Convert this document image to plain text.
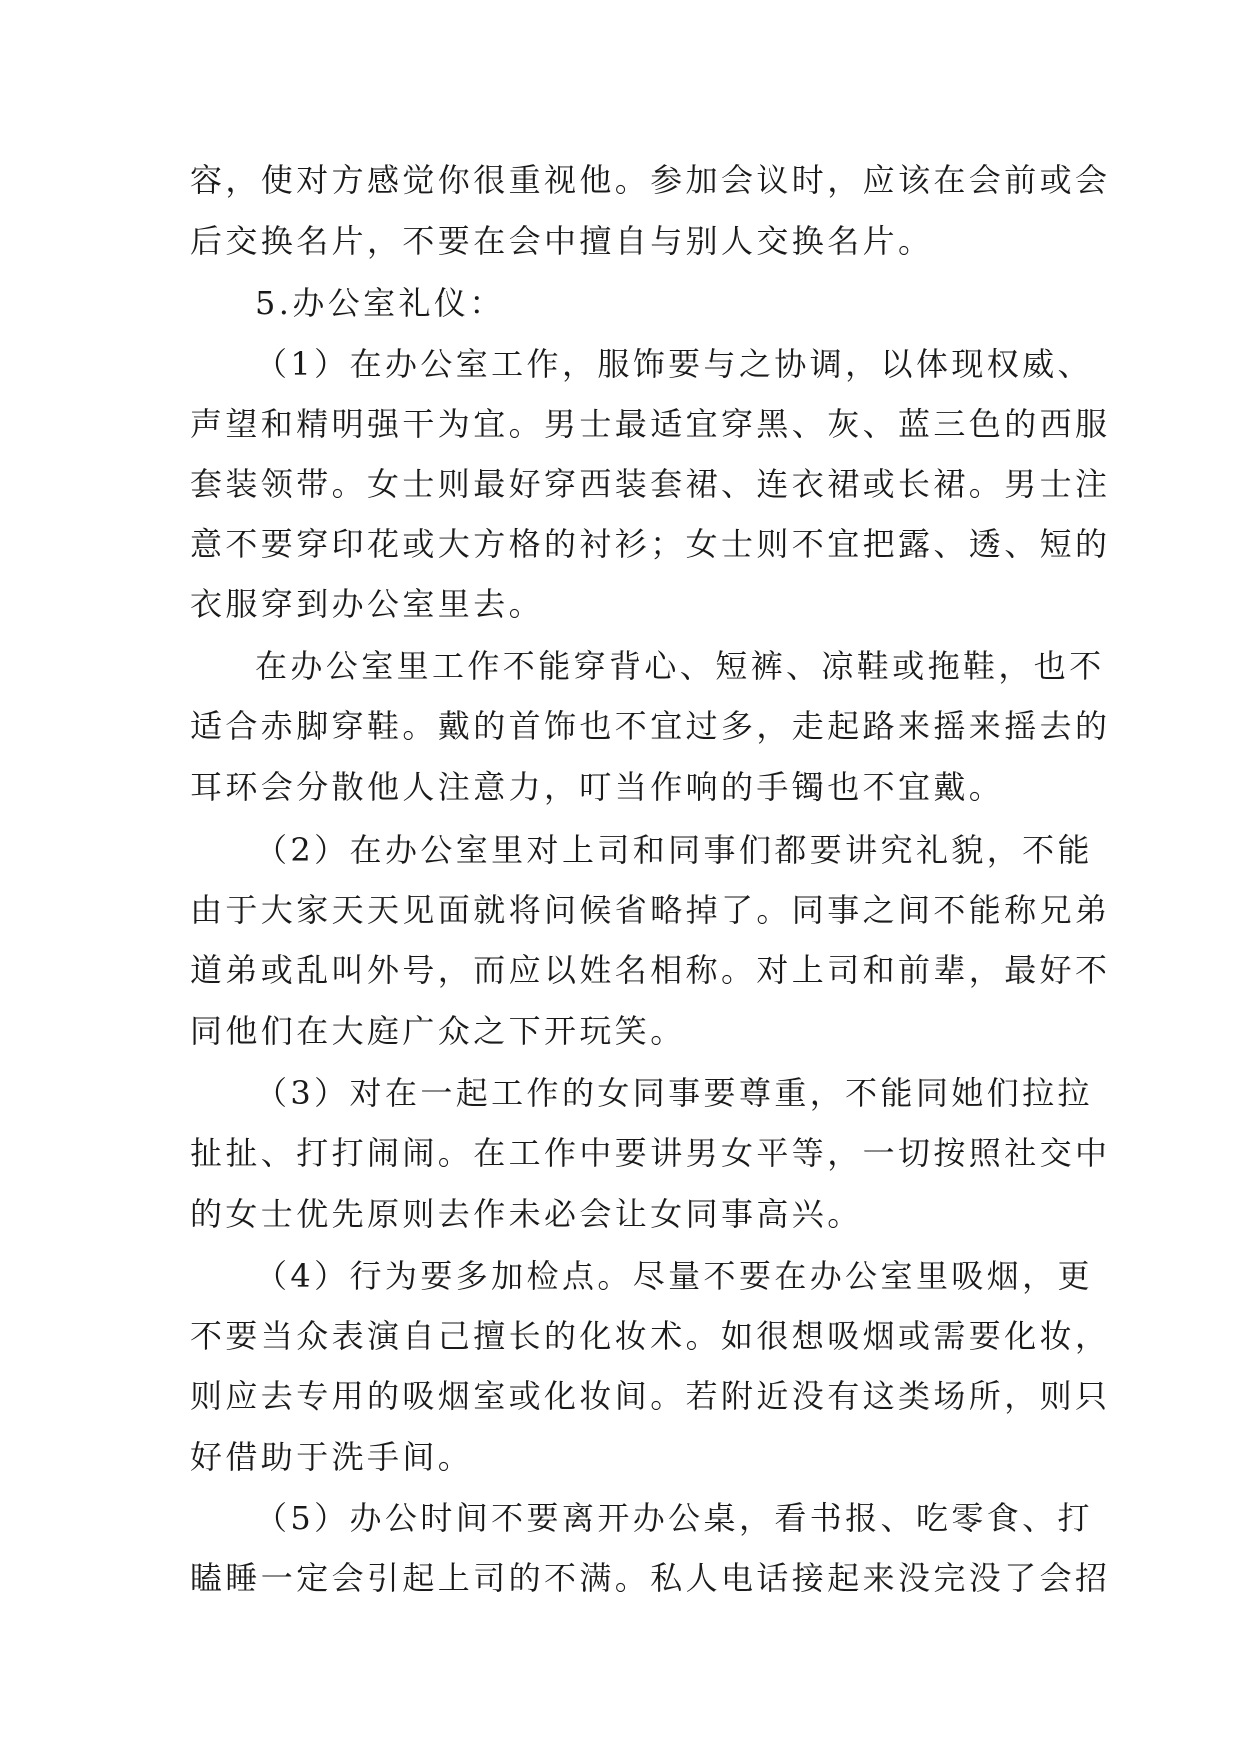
容，使对方感觉你很重视他。参加会议时，应该在会前或会
后交换名片，不要在会中擅自与别人交换名片。
5.办公室礼仪：
（1）在办公室工作，服饰要与之协调，以体现权威、
声望和精明强干为宜。男士最适宜穿黑、灰、蓝三色的西服
套装领带。女士则最好穿西装套裙、连衣裙或长裙。男士注
意不要穿印花或大方格的衬衫；女士则不宜把露、透、短的
衣服穿到办公室里去。
在办公室里工作不能穿背心、短裤、凉鞋或拖鞋，也不
适合赤脚穿鞋。戴的首饰也不宜过多，走起路来摇来摇去的
耳环会分散他人注意力，叮当作响的手镯也不宜戴。
（2）在办公室里对上司和同事们都要讲究礼貌，不能
由于大家天天见面就将问候省略掉了。同事之间不能称兄弟
道弟或乱叫外号，而应以姓名相称。对上司和前辈，最好不
同他们在大庭广众之下开玩笑。
（3）对在一起工作的女同事要尊重，不能同她们拉拉
扯扯、打打闹闹。在工作中要讲男女平等，一切按照社交中
的女士优先原则去作未必会让女同事高兴。
（4）行为要多加检点。尽量不要在办公室里吸烟，更
不要当众表演自己擅长的化妆术。如很想吸烟或需要化妆，
则应去专用的吸烟室或化妆间。若附近没有这类场所，则只
好借助于洗手间。
（5）办公时间不要离开办公桌，看书报、吃零食、打
瞌睡一定会引起上司的不满。私人电话接起来没完没了会招
